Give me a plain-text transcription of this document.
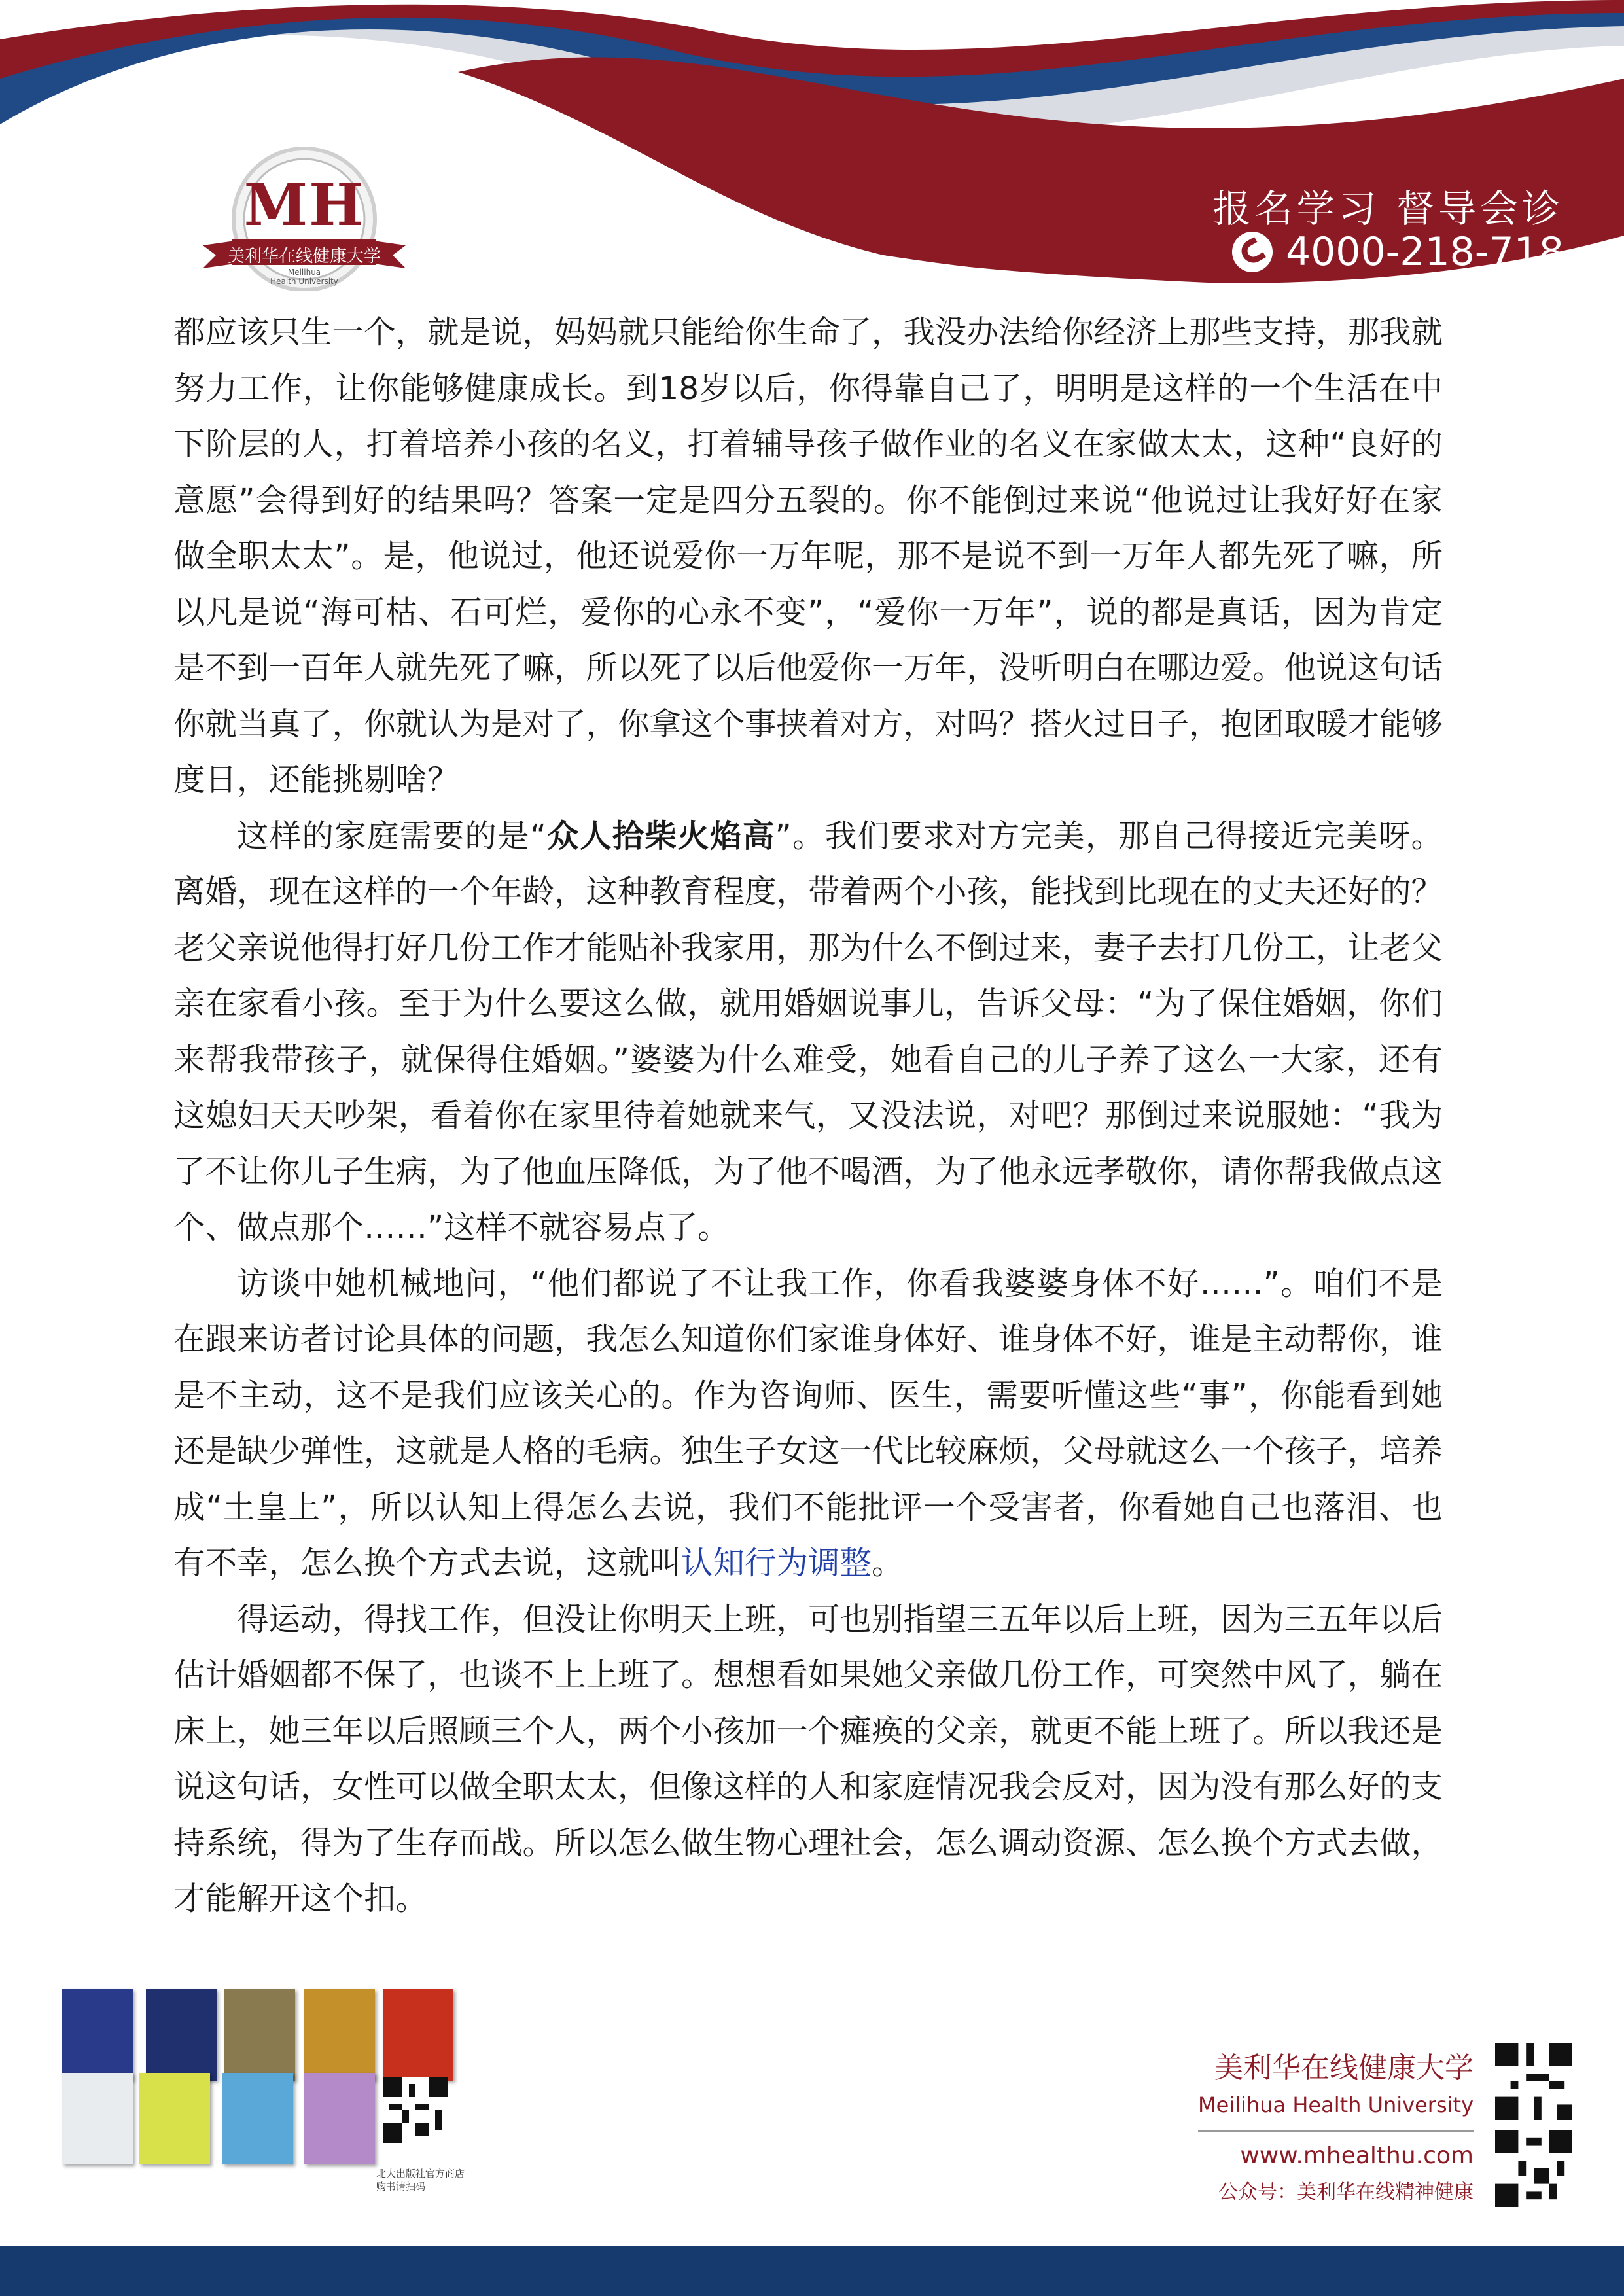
MH
美利华在线健康大学
Mellihua
Health University
报名学习 督导会诊
4000-218-718

都应该只生一个，就是说，妈妈就只能给你生命了，我没办法给你经济上那些支持，那我就努力工作，让你能够健康成长。到18岁以后，你得靠自己了，明明是这样的一个生活在中下阶层的人，打着培养小孩的名义，打着辅导孩子做作业的名义在家做太太，这种“良好的意愿”会得到好的结果吗？答案一定是四分五裂的。你不能倒过来说“他说过让我好好在家做全职太太”。是，他说过，他还说爱你一万年呢，那不是说不到一万年人都先死了嘛，所以凡是说“海可枯、石可烂，爱你的心永不变”，“爱你一万年”，说的都是真话，因为肯定是不到一百年人就先死了嘛，所以死了以后他爱你一万年，没听明白在哪边爱。他说这句话你就当真了，你就认为是对了，你拿这个事挟着对方，对吗？搭火过日子，抱团取暖才能够度日，还能挑剔啥？

这样的家庭需要的是“众人拾柴火焰高”。我们要求对方完美，那自己得接近完美呀。离婚，现在这样的一个年龄，这种教育程度，带着两个小孩，能找到比现在的丈夫还好的？老父亲说他得打好几份工作才能贴补我家用，那为什么不倒过来，妻子去打几份工，让老父亲在家看小孩。至于为什么要这么做，就用婚姻说事儿，告诉父母：“为了保住婚姻，你们来帮我带孩子，就保得住婚姻。”婆婆为什么难受，她看自己的儿子养了这么一大家，还有这媳妇天天吵架，看着你在家里待着她就来气，又没法说，对吧？那倒过来说服她：“我为了不让你儿子生病，为了他血压降低，为了他不喝酒，为了他永远孝敬你，请你帮我做点这个、做点那个……”这样不就容易点了。

访谈中她机械地问，“他们都说了不让我工作，你看我婆婆身体不好……”。咱们不是在跟来访者讨论具体的问题，我怎么知道你们家谁身体好、谁身体不好，谁是主动帮你，谁是不主动，这不是我们应该关心的。作为咨询师、医生，需要听懂这些“事”，你能看到她还是缺少弹性，这就是人格的毛病。独生子女这一代比较麻烦，父母就这么一个孩子，培养成“土皇上”，所以认知上得怎么去说，我们不能批评一个受害者，你看她自己也落泪、也有不幸，怎么换个方式去说，这就叫认知行为调整。

得运动，得找工作，但没让你明天上班，可也别指望三五年以后上班，因为三五年以后估计婚姻都不保了，也谈不上上班了。想想看如果她父亲做几份工作，可突然中风了，躺在床上，她三年以后照顾三个人，两个小孩加一个瘫痪的父亲，就更不能上班了。所以我还是说这句话，女性可以做全职太太，但像这样的人和家庭情况我会反对，因为没有那么好的支持系统，得为了生存而战。所以怎么做生物心理社会，怎么调动资源、怎么换个方式去做，才能解开这个扣。

北大出版社官方商店
购书请扫码
美利华在线健康大学
Meilihua Health University
www.mhealthu.com
公众号：美利华在线精神健康
